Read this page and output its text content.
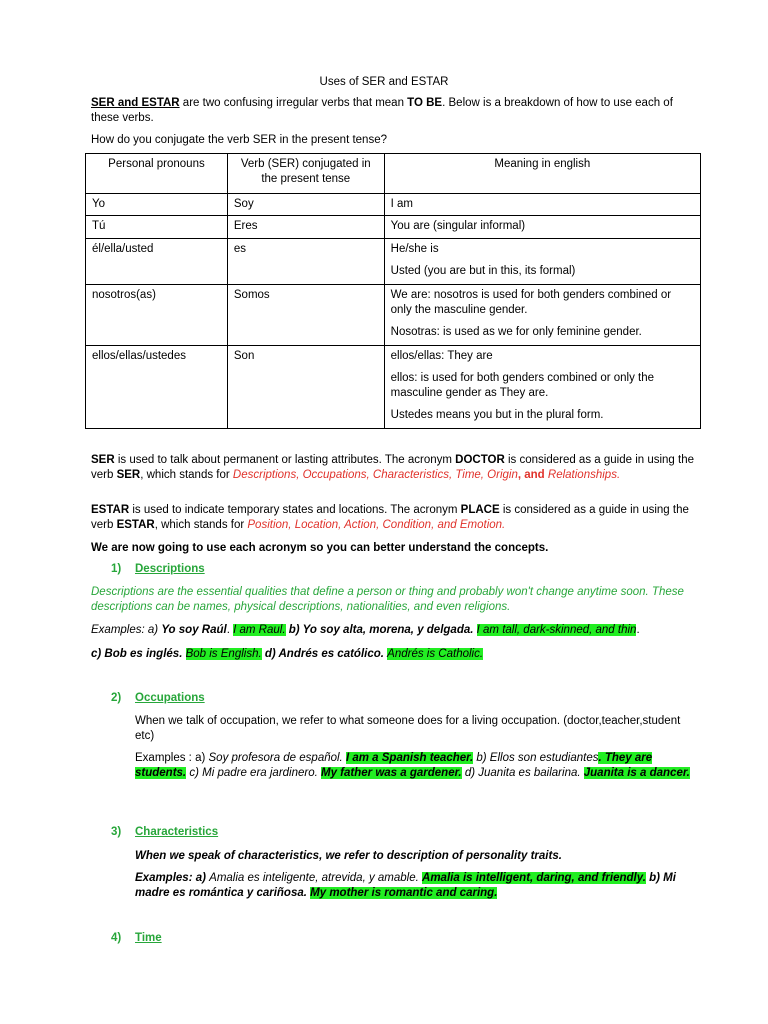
Uses of SER and ESTAR

SER and ESTAR are two confusing irregular verbs that mean TO BE. Below is a breakdown of how to use each of these verbs.

How do you conjugate the verb SER in the present tense?

Personal pronouns	Verb (SER) conjugated in the present tense	Meaning in english
Yo	Soy	I am

Tú	Eres	You are (singular informal)

él/ella/usted	es	He/she is

Usted (you are but in this, its formal)

nosotros(as)	Somos	We are: nosotros is used for both genders combined or only the masculine gender.

Nosotras: is used as we for only feminine gender.

ellos/ellas/ustedes	Son	ellos/ellas: They are

ellos: is used for both genders combined or only the masculine gender as They are.

Ustedes means you but in the plural form.

SER is used to talk about permanent or lasting attributes. The acronym DOCTOR is considered as a guide in using the verb SER, which stands for Descriptions, Occupations, Characteristics, Time, Origin, and Relationships.

ESTAR is used to indicate temporary states and locations. The acronym PLACE is considered as a guide in using the verb ESTAR, which stands for Position, Location, Action, Condition, and Emotion.

We are now going to use each acronym so you can better understand the concepts.

1) Descriptions

Descriptions are the essential qualities that define a person or thing and probably won't change anytime soon. These descriptions can be names, physical descriptions, nationalities, and even religions.

Examples: a) Yo soy Raúl. I am Raul. b) Yo soy alta, morena, y delgada. I am tall, dark-skinned, and thin.

c) Bob es inglés. Bob is English. d) Andrés es católico. Andrés is Catholic.

2) Occupations

When we talk of occupation, we refer to what someone does for a living occupation. (doctor,teacher,student etc)

Examples : a) Soy profesora de español. I am a Spanish teacher. b) Ellos son estudiantes. They are students. c) Mi padre era jardinero. My father was a gardener. d) Juanita es bailarina. Juanita is a dancer.

3) Characteristics

When we speak of characteristics, we refer to description of personality traits.

Examples: a) Amalia es inteligente, atrevida, y amable. Amalia is intelligent, daring, and friendly. b) Mi madre es romántica y cariñosa. My mother is romantic and caring.

4) Time
